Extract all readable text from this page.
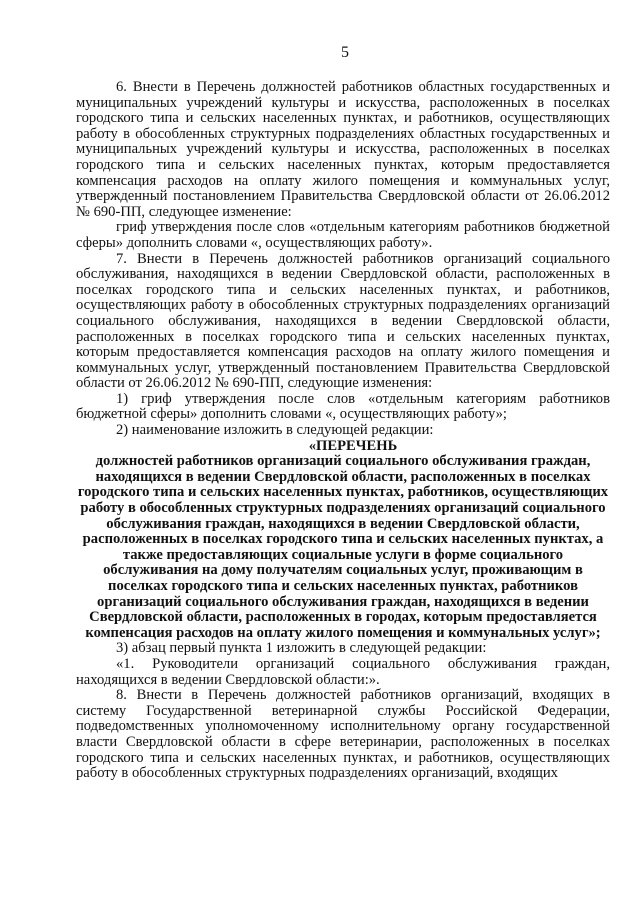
5

6. Внести в Перечень должностей работников областных государственных и муниципальных учреждений культуры и искусства, расположенных в поселках городского типа и сельских населенных пунктах, и работников, осуществляющих работу в обособленных структурных подразделениях областных государственных и муниципальных учреждений культуры и искусства, расположенных в поселках городского типа и сельских населенных пунктах, которым предоставляется компенсация расходов на оплату жилого помещения и коммунальных услуг, утвержденный постановлением Правительства Свердловской области от 26.06.2012 № 690-ПП, следующее изменение:

гриф утверждения после слов «отдельным категориям работников бюджетной сферы» дополнить словами «, осуществляющих работу».

7. Внести в Перечень должностей работников организаций социального обслуживания, находящихся в ведении Свердловской области, расположенных в поселках городского типа и сельских населенных пунктах, и работников, осуществляющих работу в обособленных структурных подразделениях организаций социального обслуживания, находящихся в ведении Свердловской области, расположенных в поселках городского типа и сельских населенных пунктах, которым предоставляется компенсация расходов на оплату жилого помещения и коммунальных услуг, утвержденный постановлением Правительства Свердловской области от 26.06.2012 № 690-ПП, следующие изменения:

1) гриф утверждения после слов «отдельным категориям работников бюджетной сферы» дополнить словами «, осуществляющих работу»;

2) наименование изложить в следующей редакции:

«ПЕРЕЧЕНЬ

должностей работников организаций социального обслуживания граждан, находящихся в ведении Свердловской области, расположенных в поселках городского типа и сельских населенных пунктах, работников, осуществляющих работу в обособленных структурных подразделениях организаций социального обслуживания граждан, находящихся в ведении Свердловской области, расположенных в поселках городского типа и сельских населенных пунктах, а также предоставляющих социальные услуги в форме социального обслуживания на дому получателям социальных услуг, проживающим в поселках городского типа и сельских населенных пунктах, работников организаций социального обслуживания граждан, находящихся в ведении Свердловской области, расположенных в городах, которым предоставляется компенсация расходов на оплату жилого помещения и коммунальных услуг»;

3) абзац первый пункта 1 изложить в следующей редакции:

«1. Руководители организаций социального обслуживания граждан, находящихся в ведении Свердловской области:».

8. Внести в Перечень должностей работников организаций, входящих в систему Государственной ветеринарной службы Российской Федерации, подведомственных уполномоченному исполнительному органу государственной власти Свердловской области в сфере ветеринарии, расположенных в поселках городского типа и сельских населенных пунктах, и работников, осуществляющих работу в обособленных структурных подразделениях организаций, входящих
